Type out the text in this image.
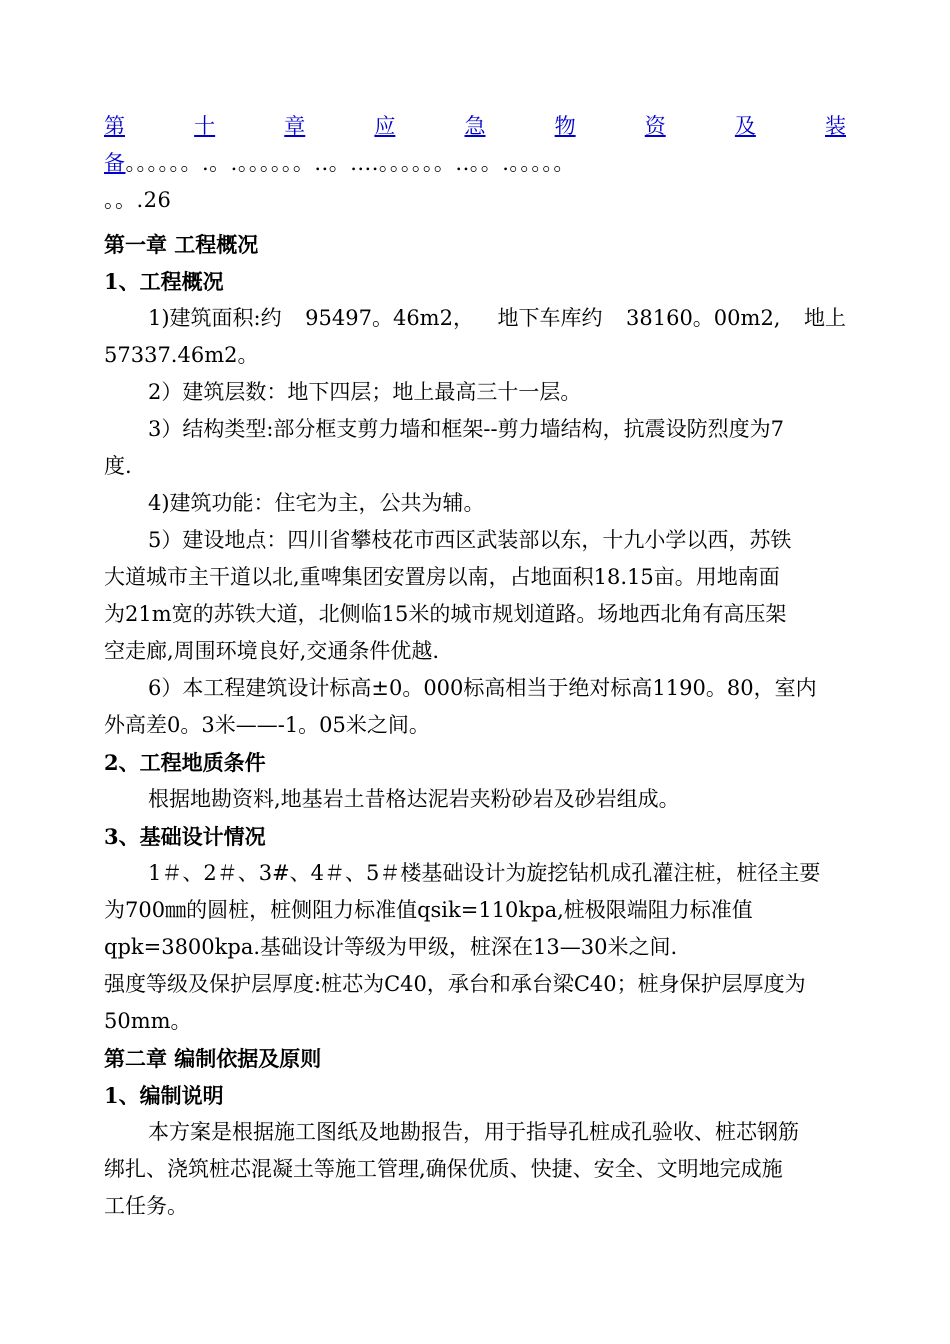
第	十	章	应	急	物	资	及	装
备。。。。。。.。.。。。。。。..。....。。。。。。..。。.。。。。。
。。.26
第一章 工程概况
1、工程概况
1)建筑面积:约 95497。46m2， 地下车库约 38160。00m2, 地上
57337.46m2。
2）建筑层数：地下四层；地上最高三十一层。
3）结构类型:部分框支剪力墙和框架--剪力墙结构，抗震设防烈度为7
度.
4)建筑功能：住宅为主，公共为辅。
5）建设地点：四川省攀枝花市西区武装部以东，十九小学以西，苏铁
大道城市主干道以北,重啤集团安置房以南，占地面积18.15亩。用地南面
为21m宽的苏铁大道，北侧临15米的城市规划道路。场地西北角有高压架
空走廊,周围环境良好,交通条件优越.
6）本工程建筑设计标高±0。000标高相当于绝对标高1190。80，室内
外高差0。3米——-1。05米之间。
2、工程地质条件
根据地勘资料,地基岩土昔格达泥岩夹粉砂岩及砂岩组成。
3、基础设计情况
1＃、2＃、3#、4＃、5＃楼基础设计为旋挖钻机成孔灌注桩，桩径主要
为700㎜的圆桩，桩侧阻力标准值qsik=110kpa,桩极限端阻力标准值
qpk=3800kpa.基础设计等级为甲级，桩深在13—30米之间.
强度等级及保护层厚度:桩芯为C40，承台和承台梁C40；桩身保护层厚度为
50mm。
第二章 编制依据及原则
1、编制说明
本方案是根据施工图纸及地勘报告，用于指导孔桩成孔验收、桩芯钢筋
绑扎、浇筑桩芯混凝土等施工管理,确保优质、快捷、安全、文明地完成施
工任务。
